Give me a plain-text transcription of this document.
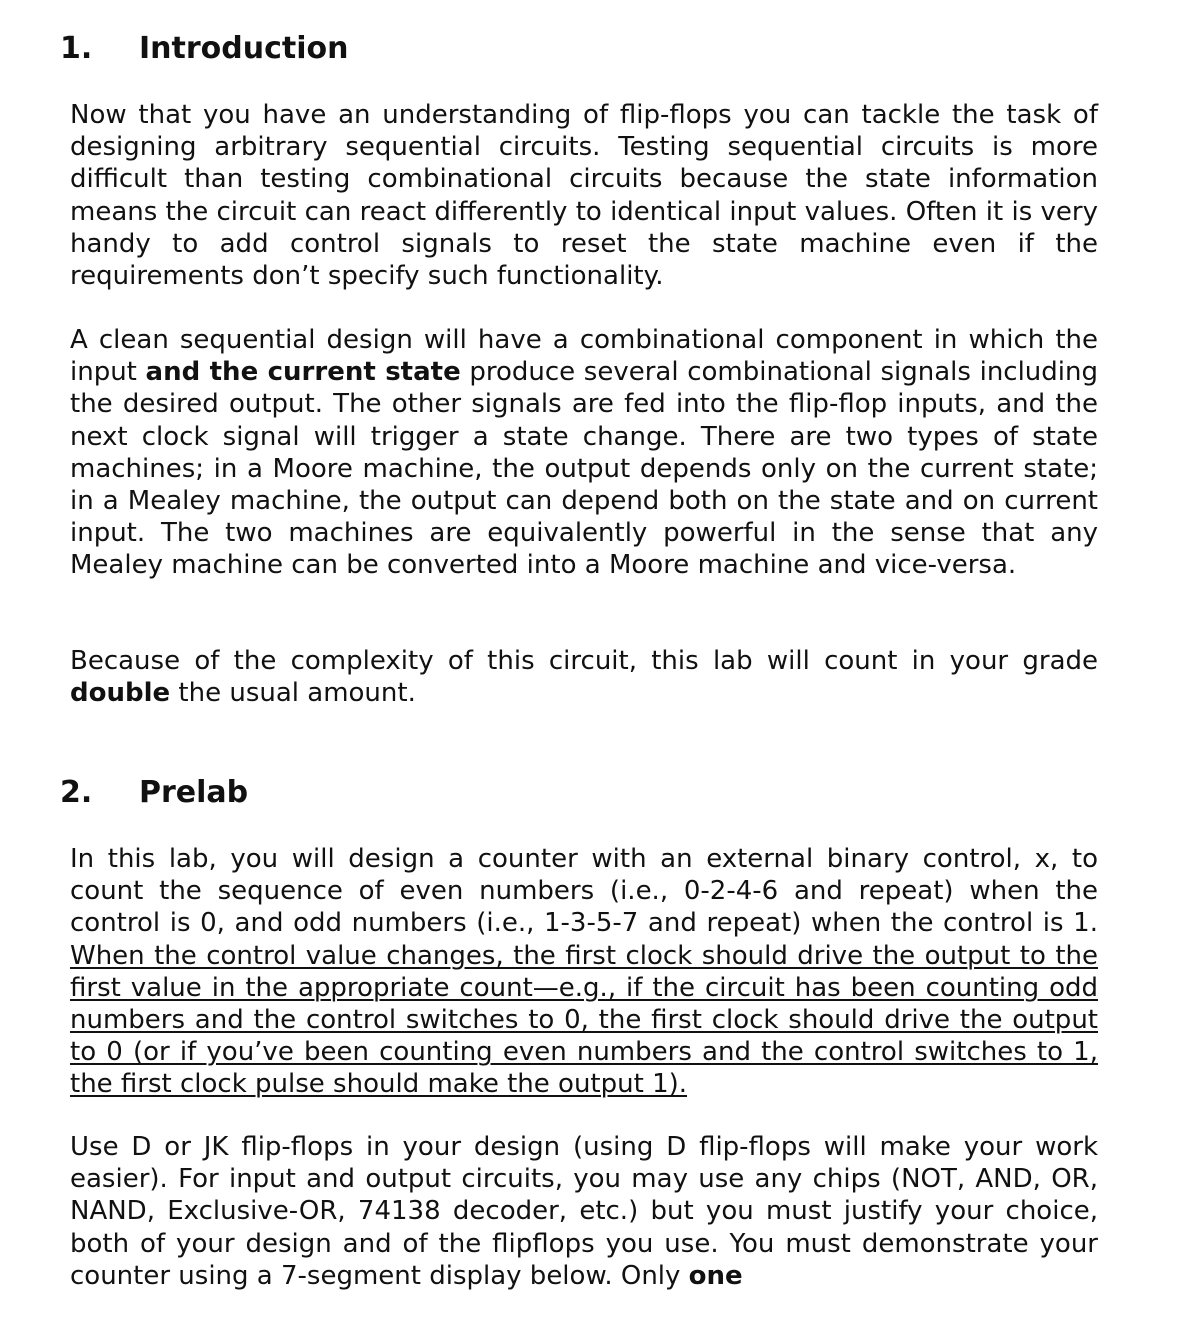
1. Introduction
Now that you have an understanding of flip-flops you can tackle the task of designing arbitrary sequential circuits. Testing sequential circuits is more difficult than testing combinational circuits because the state information means the circuit can react differently to identical input values. Often it is very handy to add control signals to reset the state machine even if the requirements don’t specify such functionality.
A clean sequential design will have a combinational component in which the input and the current state produce several combinational signals including the desired output. The other signals are fed into the flip-flop inputs, and the next clock signal will trigger a state change. There are two types of state machines; in a Moore machine, the output depends only on the current state; in a Mealey machine, the output can depend both on the state and on current input. The two machines are equivalently powerful in the sense that any Mealey machine can be converted into a Moore machine and vice-versa.
Because of the complexity of this circuit, this lab will count in your grade double the usual amount.
2. Prelab
In this lab, you will design a counter with an external binary control, x, to count the sequence of even numbers (i.e., 0-2-4-6 and repeat) when the control is 0, and odd numbers (i.e., 1-3-5-7 and repeat) when the control is 1. When the control value changes, the first clock should drive the output to the first value in the appropriate count—e.g., if the circuit has been counting odd numbers and the control switches to 0, the first clock should drive the output to 0 (or if you’ve been counting even numbers and the control switches to 1, the first clock pulse should make the output 1).
Use D or JK flip-flops in your design (using D flip-flops will make your work easier). For input and output circuits, you may use any chips (NOT, AND, OR, NAND, Exclusive-OR, 74138 decoder, etc.) but you must justify your choice, both of your design and of the flipflops you use. You must demonstrate your counter using a 7-segment display below. Only one
